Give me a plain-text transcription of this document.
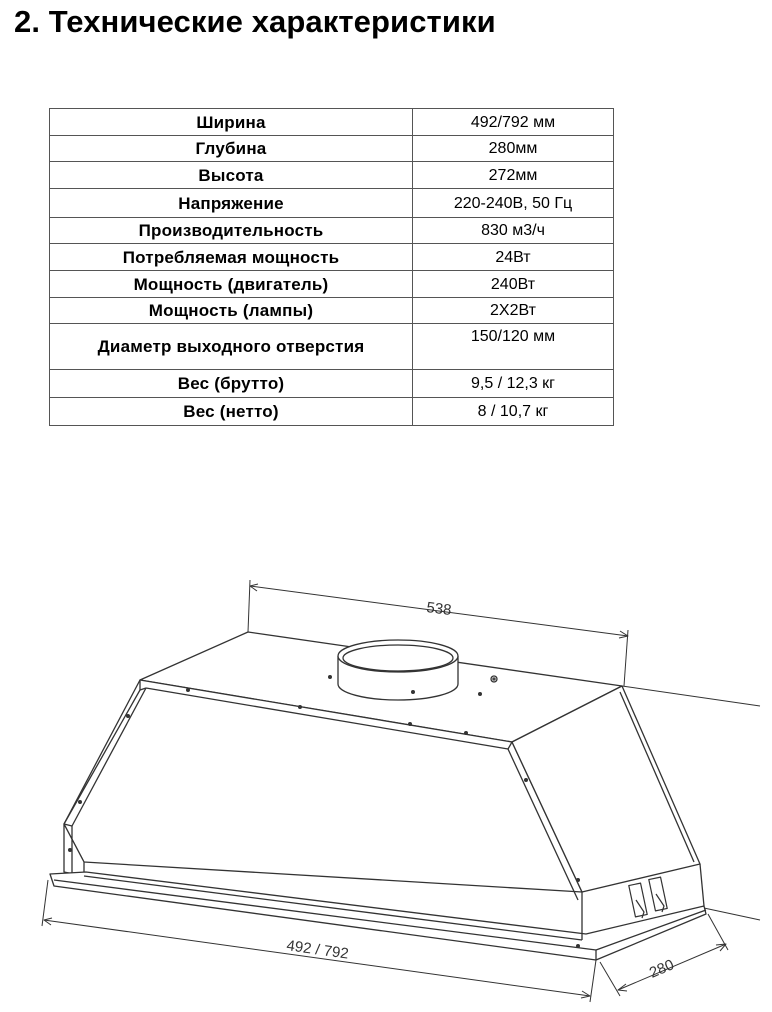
2. Технические характеристики
Ширина	492/792 мм
Глубина	280мм
Высота	272мм
Напряжение	220-240В, 50 Гц
Производительность	830 м3/ч
Потребляемая мощность	24Вт
Мощность (двигатель)	240Вт
Мощность (лампы)	2X2Вт
Диаметр выходного отверстия	150/120 мм
Вес (брутто)	9,5 / 12,3 кг
Вес (нетто)	8 / 10,7 кг
538
492 / 792
280
